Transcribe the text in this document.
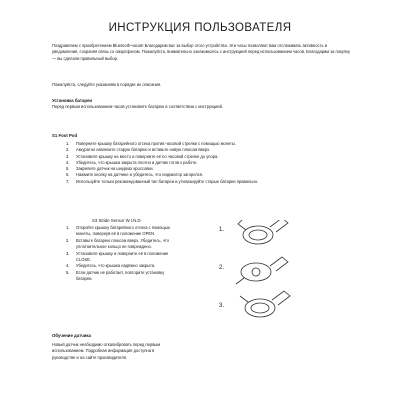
ИНСТРУКЦИЯ ПОЛЬЗОВАТЕЛЯ
Поздравляем с приобретением Bluetooth-часов! Благодарим вас за выбор этого устройства. Эти часы позволяют вам отслеживать активность и уведомления, сохраняя связь со смартфоном. Пожалуйста, внимательно ознакомьтесь с инструкцией перед использованием часов. Благодарим за покупку — вы сделали правильный выбор.
Пожалуйста, следуйте указаниям в порядке их описания.
Установка батареи
Перед первым использованием часов установите батарею в соответствии с инструкцией.
S1 Foot Pod
1. Поверните крышку батарейного отсека против часовой стрелки с помощью монеты.
2. Аккуратно извлеките старую батарею и вставьте новую плюсом вверх.
3. Установите крышку на место и поверните её по часовой стрелке до упора.
4. Убедитесь, что крышка закрыта плотно и датчик готов к работе.
5. Закрепите датчик на шнурках кроссовки.
6. Нажмите кнопку на датчике и убедитесь, что индикатор загорелся.
7. Используйте только рекомендованный тип батареи и утилизируйте старые батареи правильно.
S3 Stride Sensor W.I.N.D.
1. Откройте крышку батарейного отсека с помощью монеты, повернув её в положение OPEN.
2. Вставьте батарею плюсом вверх. Убедитесь, что уплотнительное кольцо не повреждено.
3. Установите крышку и поверните её в положение CLOSE.
4. Убедитесь, что крышка надёжно закрыта.
5. Если датчик не работает, повторите установку батареи.
1.
2.
3.
Обучение датчика
Новый датчик необходимо откалибровать перед первым использованием. Подробная информация доступна в руководстве и на сайте производителя.
